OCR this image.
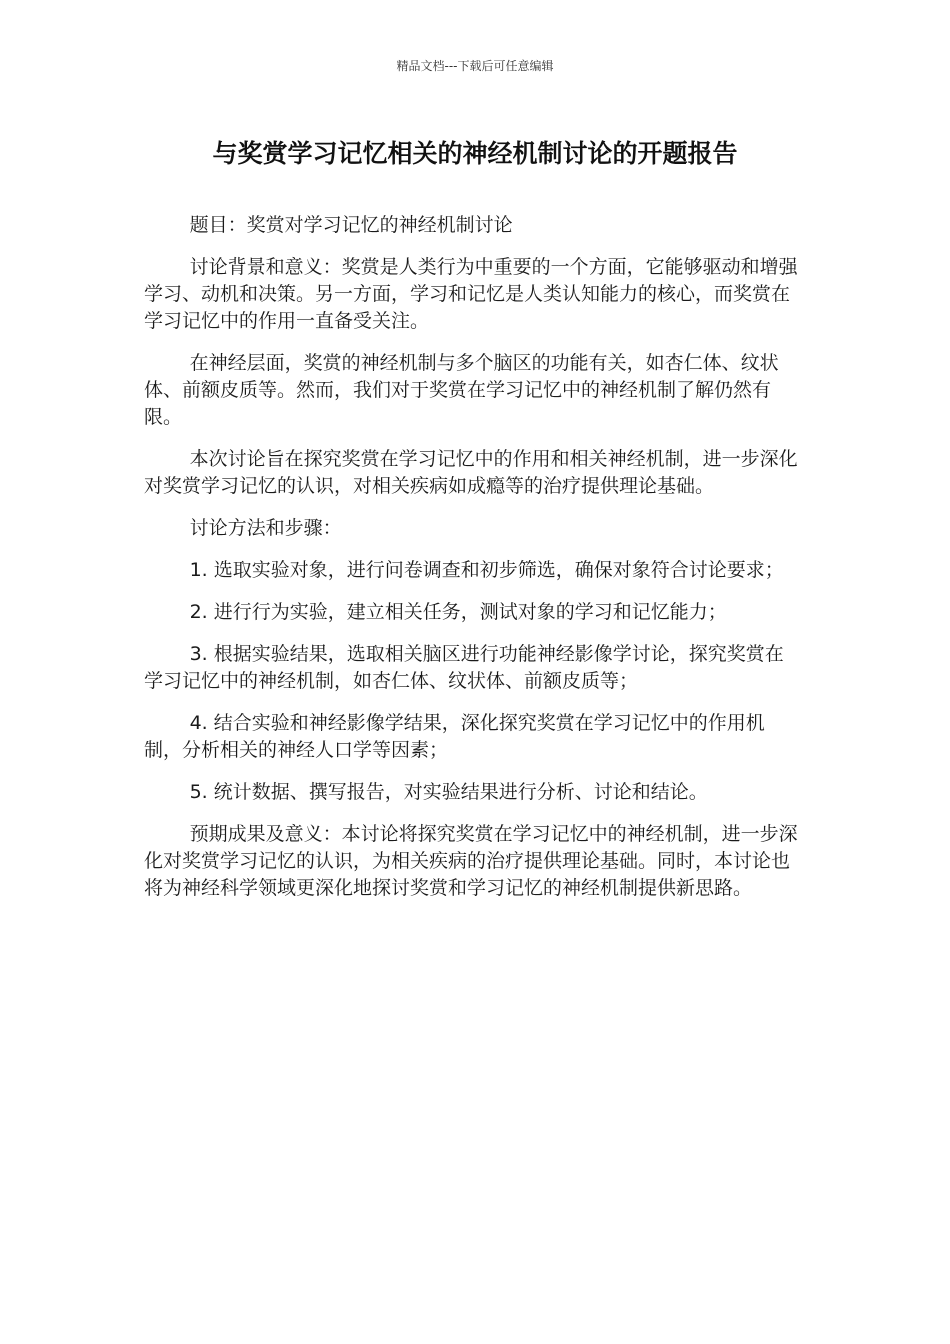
精品文档---下载后可任意编辑
与奖赏学习记忆相关的神经机制讨论的开题报告

题目：奖赏对学习记忆的神经机制讨论

讨论背景和意义：奖赏是人类行为中重要的一个方面，它能够驱动和增强学习、动机和决策。另一方面，学习和记忆是人类认知能力的核心，而奖赏在学习记忆中的作用一直备受关注。

在神经层面，奖赏的神经机制与多个脑区的功能有关，如杏仁体、纹状体、前额皮质等。然而，我们对于奖赏在学习记忆中的神经机制了解仍然有限。

本次讨论旨在探究奖赏在学习记忆中的作用和相关神经机制，进一步深化对奖赏学习记忆的认识，对相关疾病如成瘾等的治疗提供理论基础。

讨论方法和步骤：

1. 选取实验对象，进行问卷调查和初步筛选，确保对象符合讨论要求；

2. 进行行为实验，建立相关任务，测试对象的学习和记忆能力；

3. 根据实验结果，选取相关脑区进行功能神经影像学讨论，探究奖赏在学习记忆中的神经机制，如杏仁体、纹状体、前额皮质等；

4. 结合实验和神经影像学结果，深化探究奖赏在学习记忆中的作用机制，分析相关的神经人口学等因素；

5. 统计数据、撰写报告，对实验结果进行分析、讨论和结论。

预期成果及意义：本讨论将探究奖赏在学习记忆中的神经机制，进一步深化对奖赏学习记忆的认识，为相关疾病的治疗提供理论基础。同时，本讨论也将为神经科学领域更深化地探讨奖赏和学习记忆的神经机制提供新思路。
